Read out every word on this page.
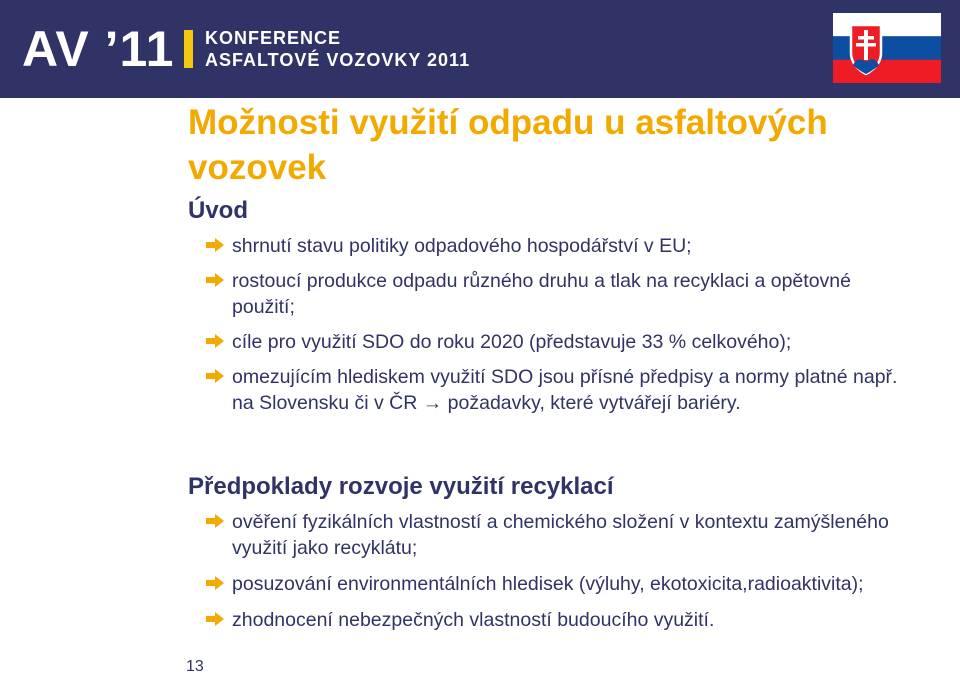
AV ’11 KONFERENCE
ASFALTOVÉ VOZOVKY 2011
Možnosti využití odpadu u asfaltových vozovek
Úvod
shrnutí stavu politiky odpadového hospodářství v EU;
rostoucí produkce odpadu různého druhu a tlak na recyklaci a opětovné použití;
cíle pro využití SDO do roku 2020 (představuje 33 % celkového);
omezujícím hlediskem využití SDO jsou přísné předpisy a normy platné např. na Slovensku či v ČR → požadavky, které vytvářejí bariéry.
Předpoklady rozvoje využití recyklací
ověření fyzikálních vlastností a chemického složení v kontextu zamýšleného využití jako recyklátu;
posuzování environmentálních hledisek (výluhy, ekotoxicita,radioaktivita);
zhodnocení nebezpečných vlastností budoucího využití.
13
